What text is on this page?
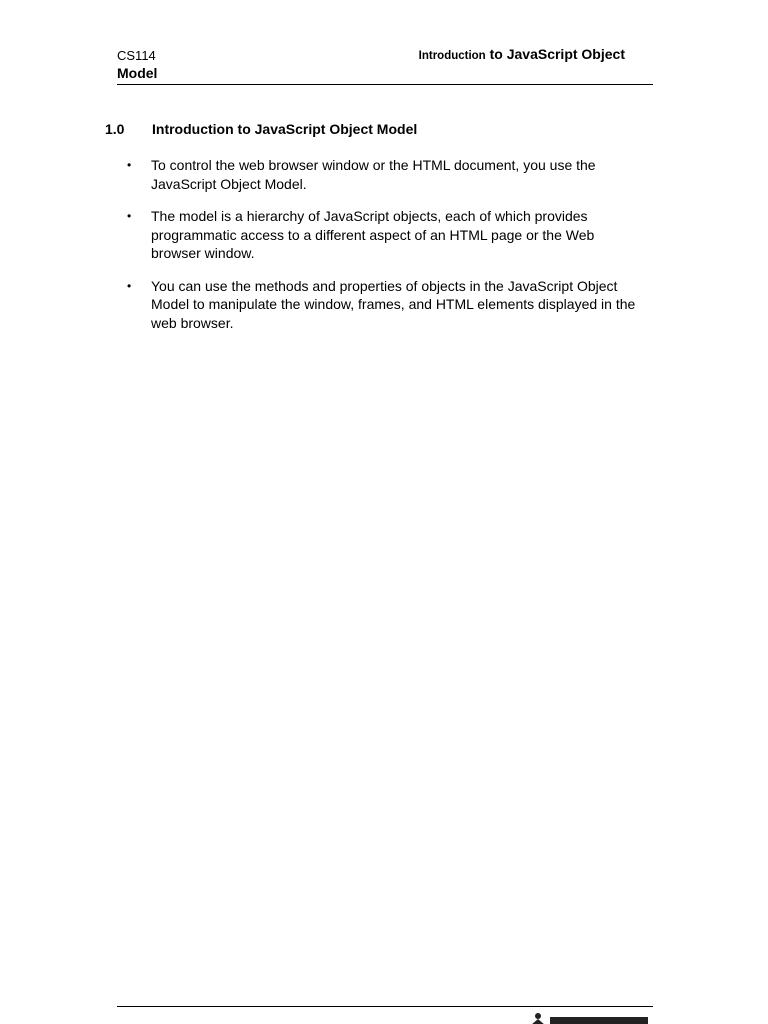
CS114	Introduction to JavaScript Object
Model
1.0 Introduction to JavaScript Object Model
• To control the web browser window or the HTML document, you use the JavaScript Object Model.
• The model is a hierarchy of JavaScript objects, each of which provides programmatic access to a different aspect of an HTML page or the Web browser window.
• You can use the methods and properties of objects in the JavaScript Object Model to manipulate the window, frames, and HTML elements displayed in the web browser.
